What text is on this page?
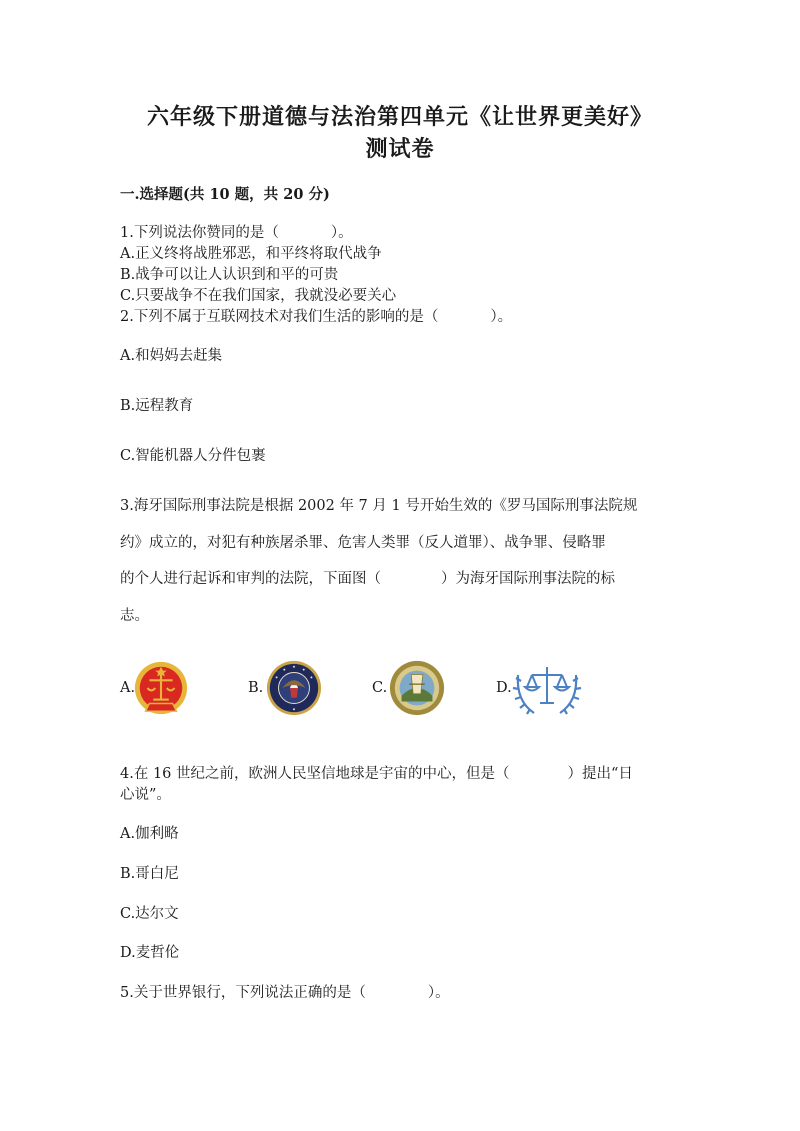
六年级下册道德与法治第四单元《让世界更美好》
测试卷
一.选择题(共 10 题，共 20 分)
1.下列说法你赞同的是（	）。
A.正义终将战胜邪恶，和平终将取代战争
B.战争可以让人认识到和平的可贵
C.只要战争不在我们国家，我就没必要关心
2.下列不属于互联网技术对我们生活的影响的是（	）。
A.和妈妈去赶集
B.远程教育
C.智能机器人分件包裹
3.海牙国际刑事法院是根据 2002 年 7 月 1 号开始生效的《罗马国际刑事法院规
约》成立的，对犯有种族屠杀罪、危害人类罪（反人道罪）、战争罪、侵略罪
的个人进行起诉和审判的法院，下面图（	）为海牙国际刑事法院的标
志。
A.	B.	C.	D.
4.在 16 世纪之前，欧洲人民坚信地球是宇宙的中心，但是（	）提出“日
心说”。
A.伽利略
B.哥白尼
C.达尔文
D.麦哲伦
5.关于世界银行，下列说法正确的是（	）。
